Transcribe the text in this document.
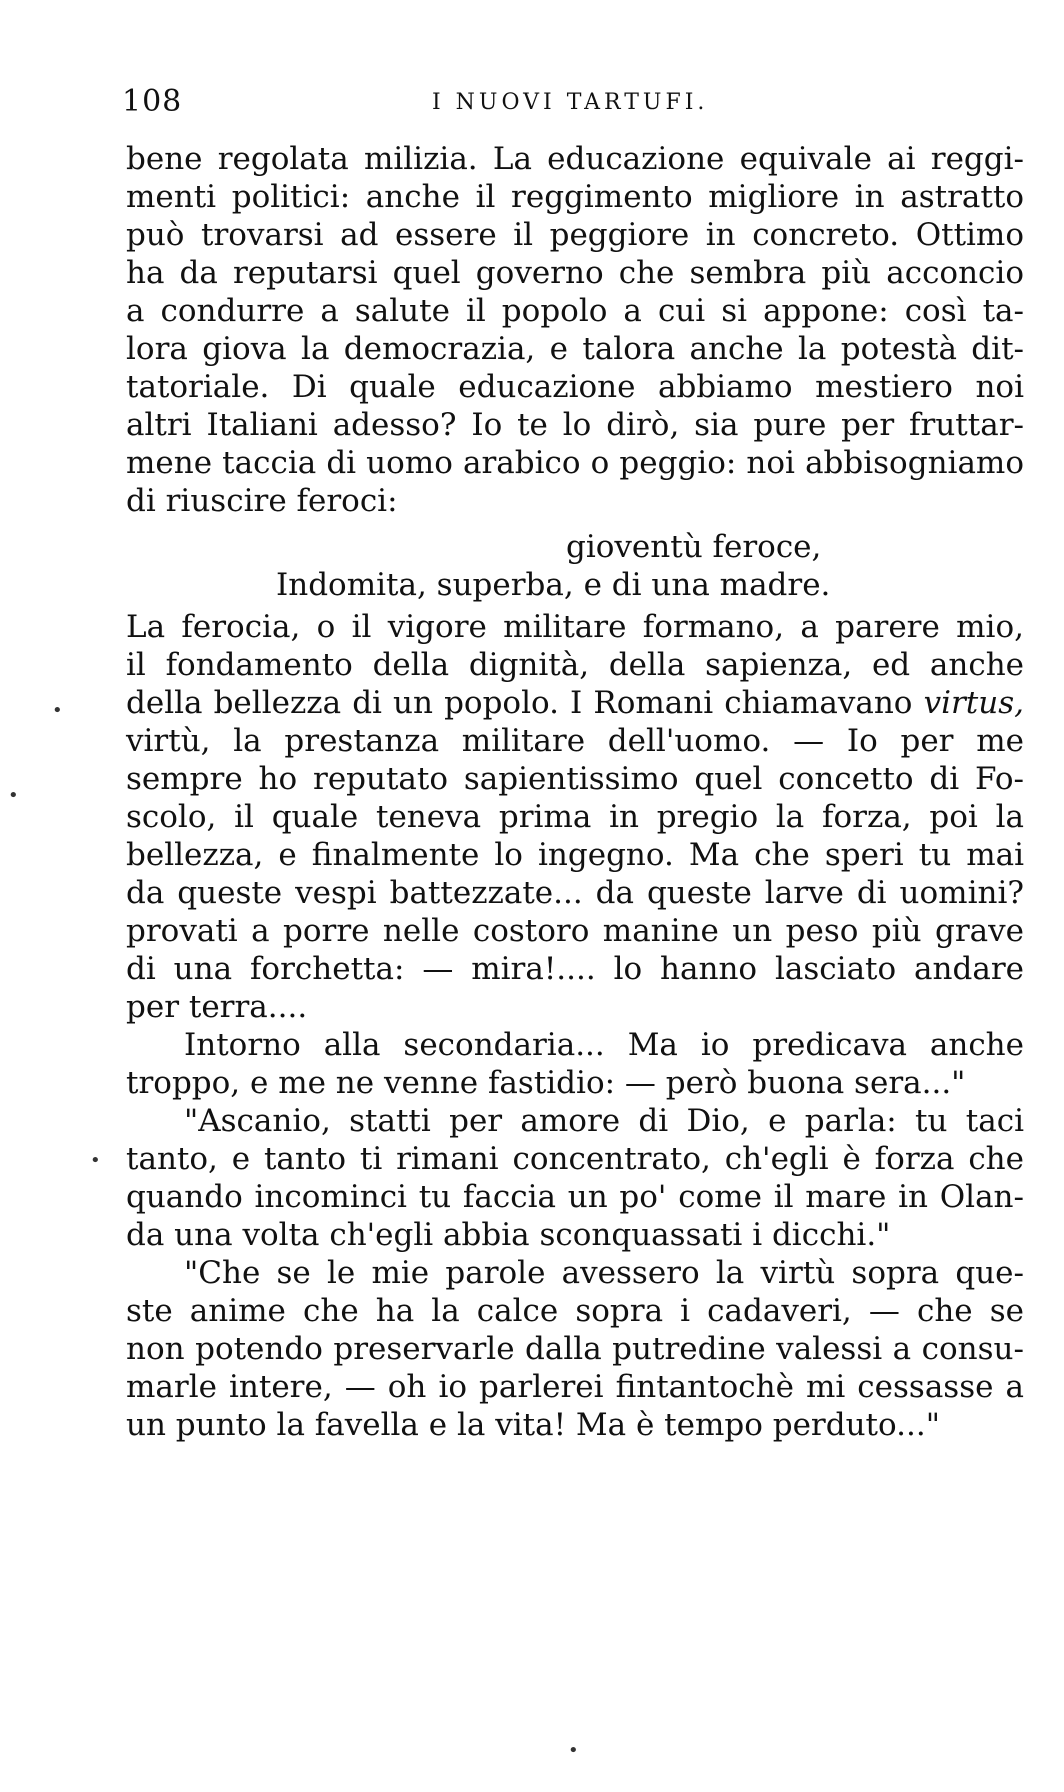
108	I NUOVI TARTUFI.
bene regolata milizia. La educazione equivale ai reggi-
menti politici: anche il reggimento migliore in astratto
può trovarsi ad essere il peggiore in concreto. Ottimo
ha da reputarsi quel governo che sembra più acconcio
a condurre a salute il popolo a cui si appone: così ta-
lora giova la democrazia, e talora anche la potestà dit-
tatoriale. Di quale educazione abbiamo mestiero noi
altri Italiani adesso? Io te lo dirò, sia pure per fruttar-
mene taccia di uomo arabico o peggio: noi abbisogniamo
di riuscire feroci:
gioventù feroce,
Indomita, superba, e di una madre.
La ferocia, o il vigore militare formano, a parere mio,
il fondamento della dignità, della sapienza, ed anche
della bellezza di un popolo. I Romani chiamavano virtus,
virtù, la prestanza militare dell'uomo. — Io per me
sempre ho reputato sapientissimo quel concetto di Fo-
scolo, il quale teneva prima in pregio la forza, poi la
bellezza, e finalmente lo ingegno. Ma che speri tu mai
da queste vespi battezzate... da queste larve di uomini?
provati a porre nelle costoro manine un peso più grave
di una forchetta: — mira!.... lo hanno lasciato andare
per terra....
Intorno alla secondaria... Ma io predicava anche
troppo, e me ne venne fastidio: — però buona sera..."
"Ascanio, statti per amore di Dio, e parla: tu taci
tanto, e tanto ti rimani concentrato, ch'egli è forza che
quando incominci tu faccia un po' come il mare in Olan-
da una volta ch'egli abbia sconquassati i dicchi."
"Che se le mie parole avessero la virtù sopra que-
ste anime che ha la calce sopra i cadaveri, — che se
non potendo preservarle dalla putredine valessi a consu-
marle intere, — oh io parlerei fintantochè mi cessasse a
un punto la favella e la vita! Ma è tempo perduto..."
•
•
•
•
